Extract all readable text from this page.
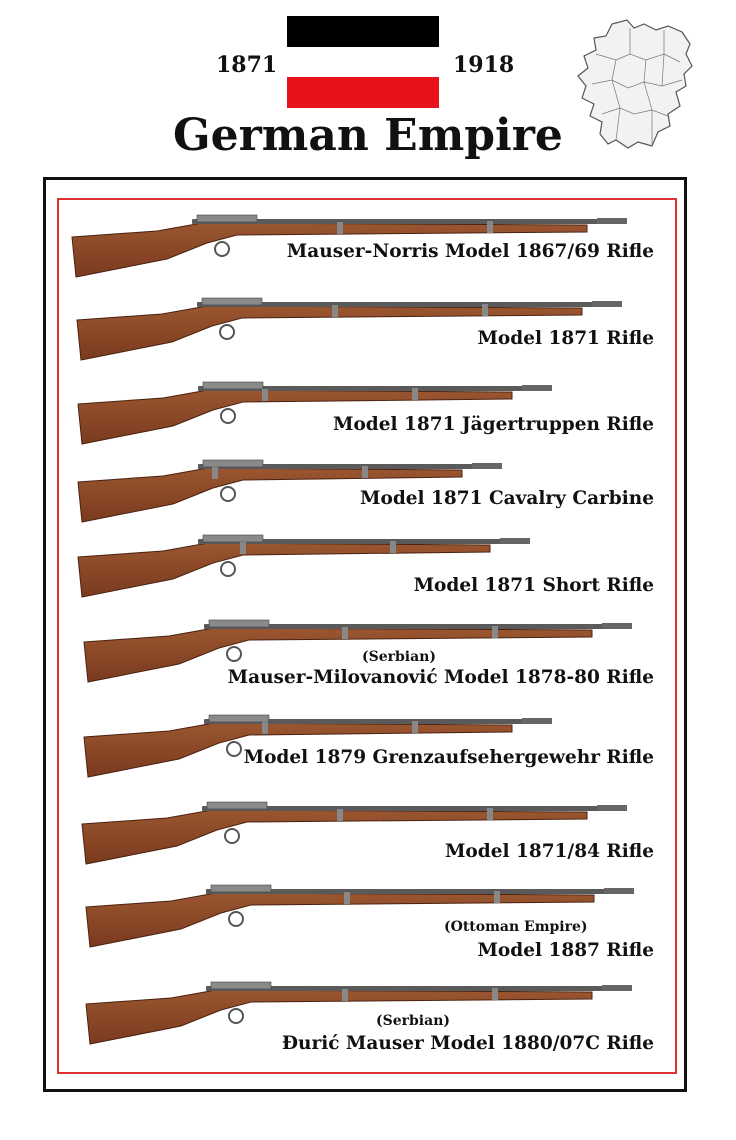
1871	1918
German Empire
Mauser-Norris Model 1867/69 Rifle
Model 1871 Rifle
Model 1871 Jägertruppen Rifle
Model 1871 Cavalry Carbine
Model 1871 Short Rifle
(Serbian)
Mauser-Milovanović Model 1878-80 Rifle
Model 1879 Grenzaufsehergewehr Rifle
Model 1871/84 Rifle
(Ottoman Empire)
Model 1887 Rifle
(Serbian)
Đurić Mauser Model 1880/07C Rifle
